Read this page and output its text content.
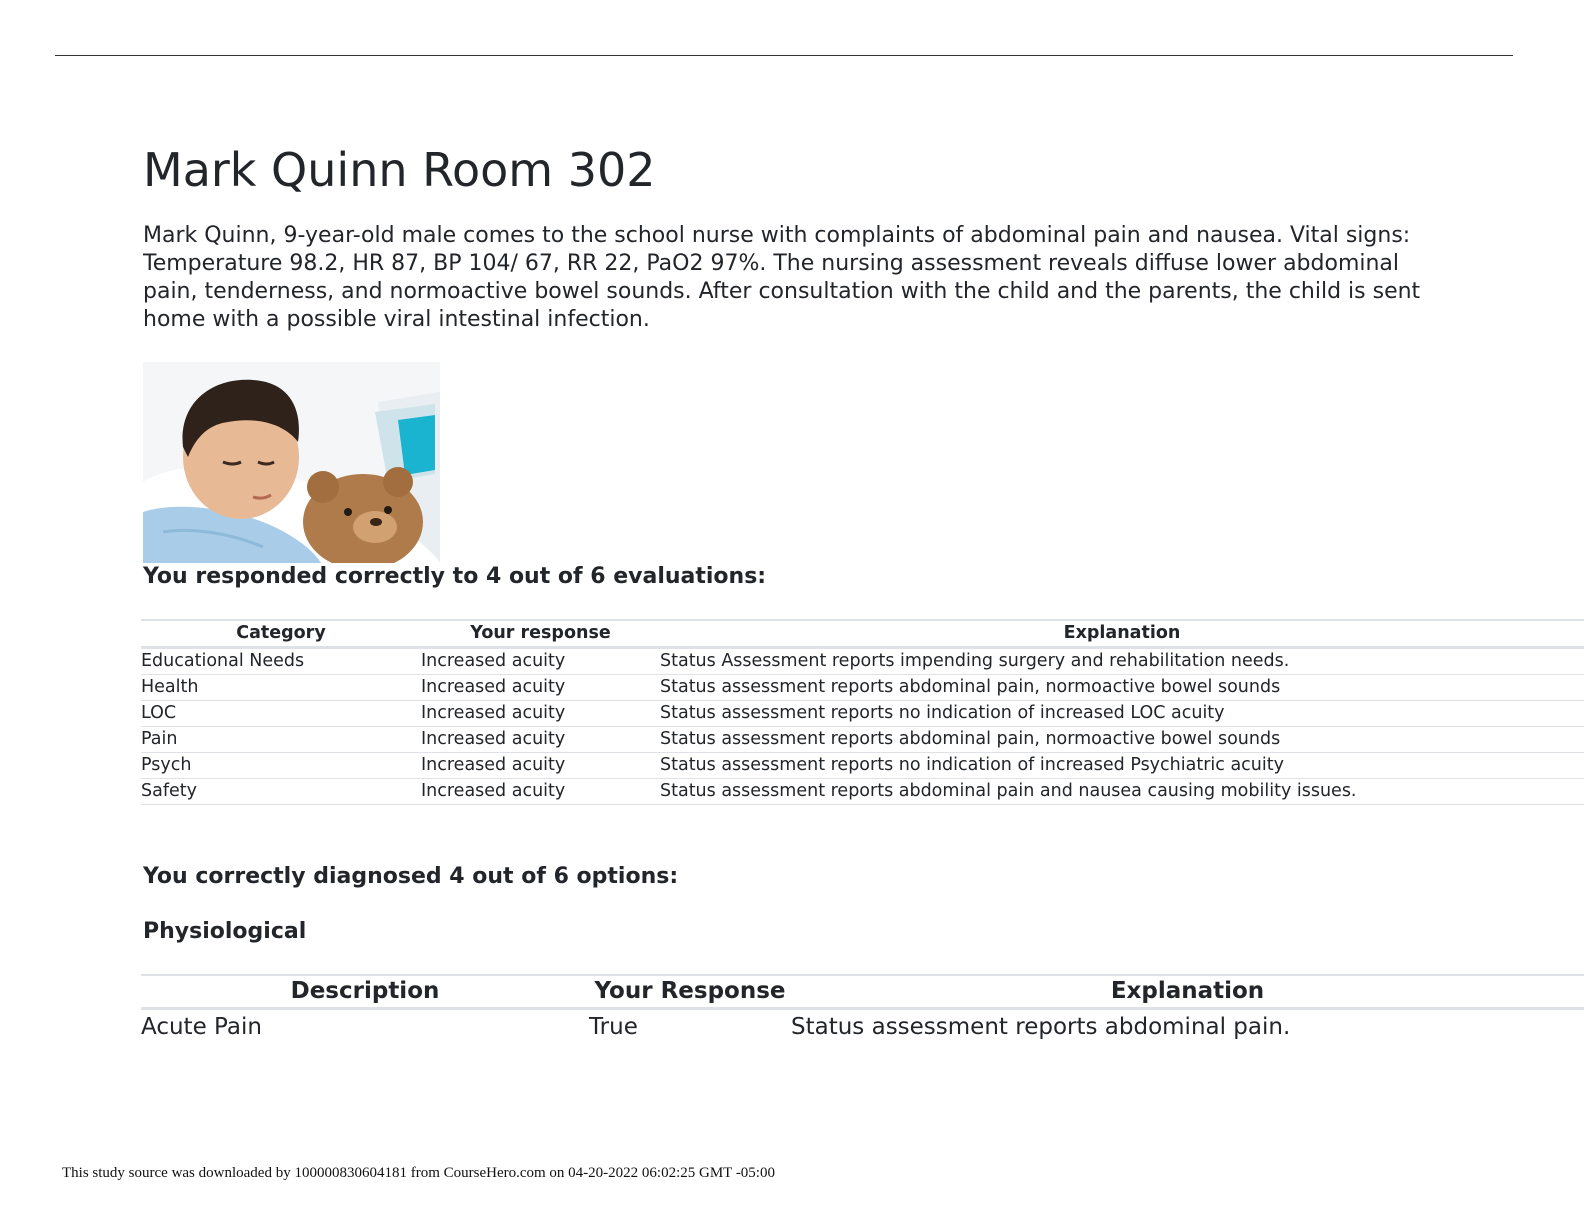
Mark Quinn Room 302

Mark Quinn, 9-year-old male comes to the school nurse with complaints of abdominal pain and nausea. Vital signs: Temperature 98.2, HR 87, BP 104/ 67, RR 22, PaO2 97%. The nursing assessment reveals diffuse lower abdominal pain, tenderness, and normoactive bowel sounds. After consultation with the child and the parents, the child is sent home with a possible viral intestinal infection.

You responded correctly to 4 out of 6 evaluations:
Category	Your response	Explanation
Educational Needs	Increased acuity	Status Assessment reports impending surgery and rehabilitation needs.
Health	Increased acuity	Status assessment reports abdominal pain, normoactive bowel sounds
LOC	Increased acuity	Status assessment reports no indication of increased LOC acuity
Pain	Increased acuity	Status assessment reports abdominal pain, normoactive bowel sounds
Psych	Increased acuity	Status assessment reports no indication of increased Psychiatric acuity
Safety	Increased acuity	Status assessment reports abdominal pain and nausea causing mobility issues.
You correctly diagnosed 4 out of 6 options:
Physiological
Description	Your Response	Explanation
Acute Pain	True	Status assessment reports abdominal pain.
This study source was downloaded by 100000830604181 from CourseHero.com on 04-20-2022 06:02:25 GMT -05:00
